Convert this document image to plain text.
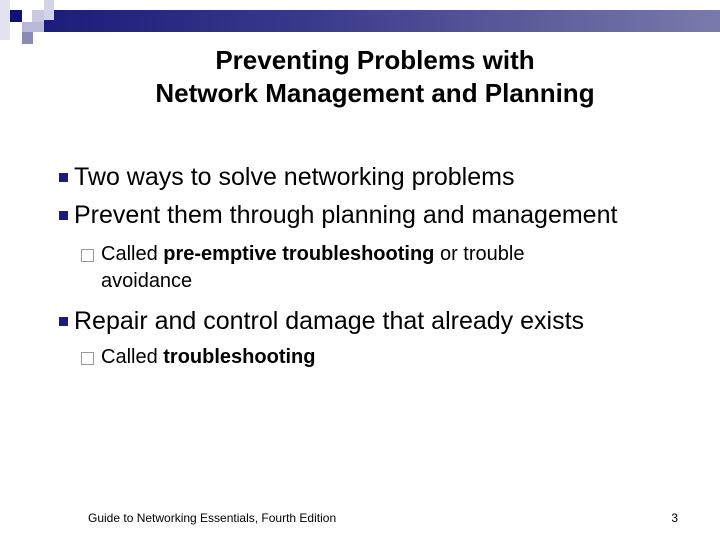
Preventing Problems with
Network Management and Planning
Two ways to solve networking problems
Prevent them through planning and management
Called pre-emptive troubleshooting or trouble
avoidance
Repair and control damage that already exists
Called troubleshooting
Guide to Networking Essentials, Fourth Edition	3
